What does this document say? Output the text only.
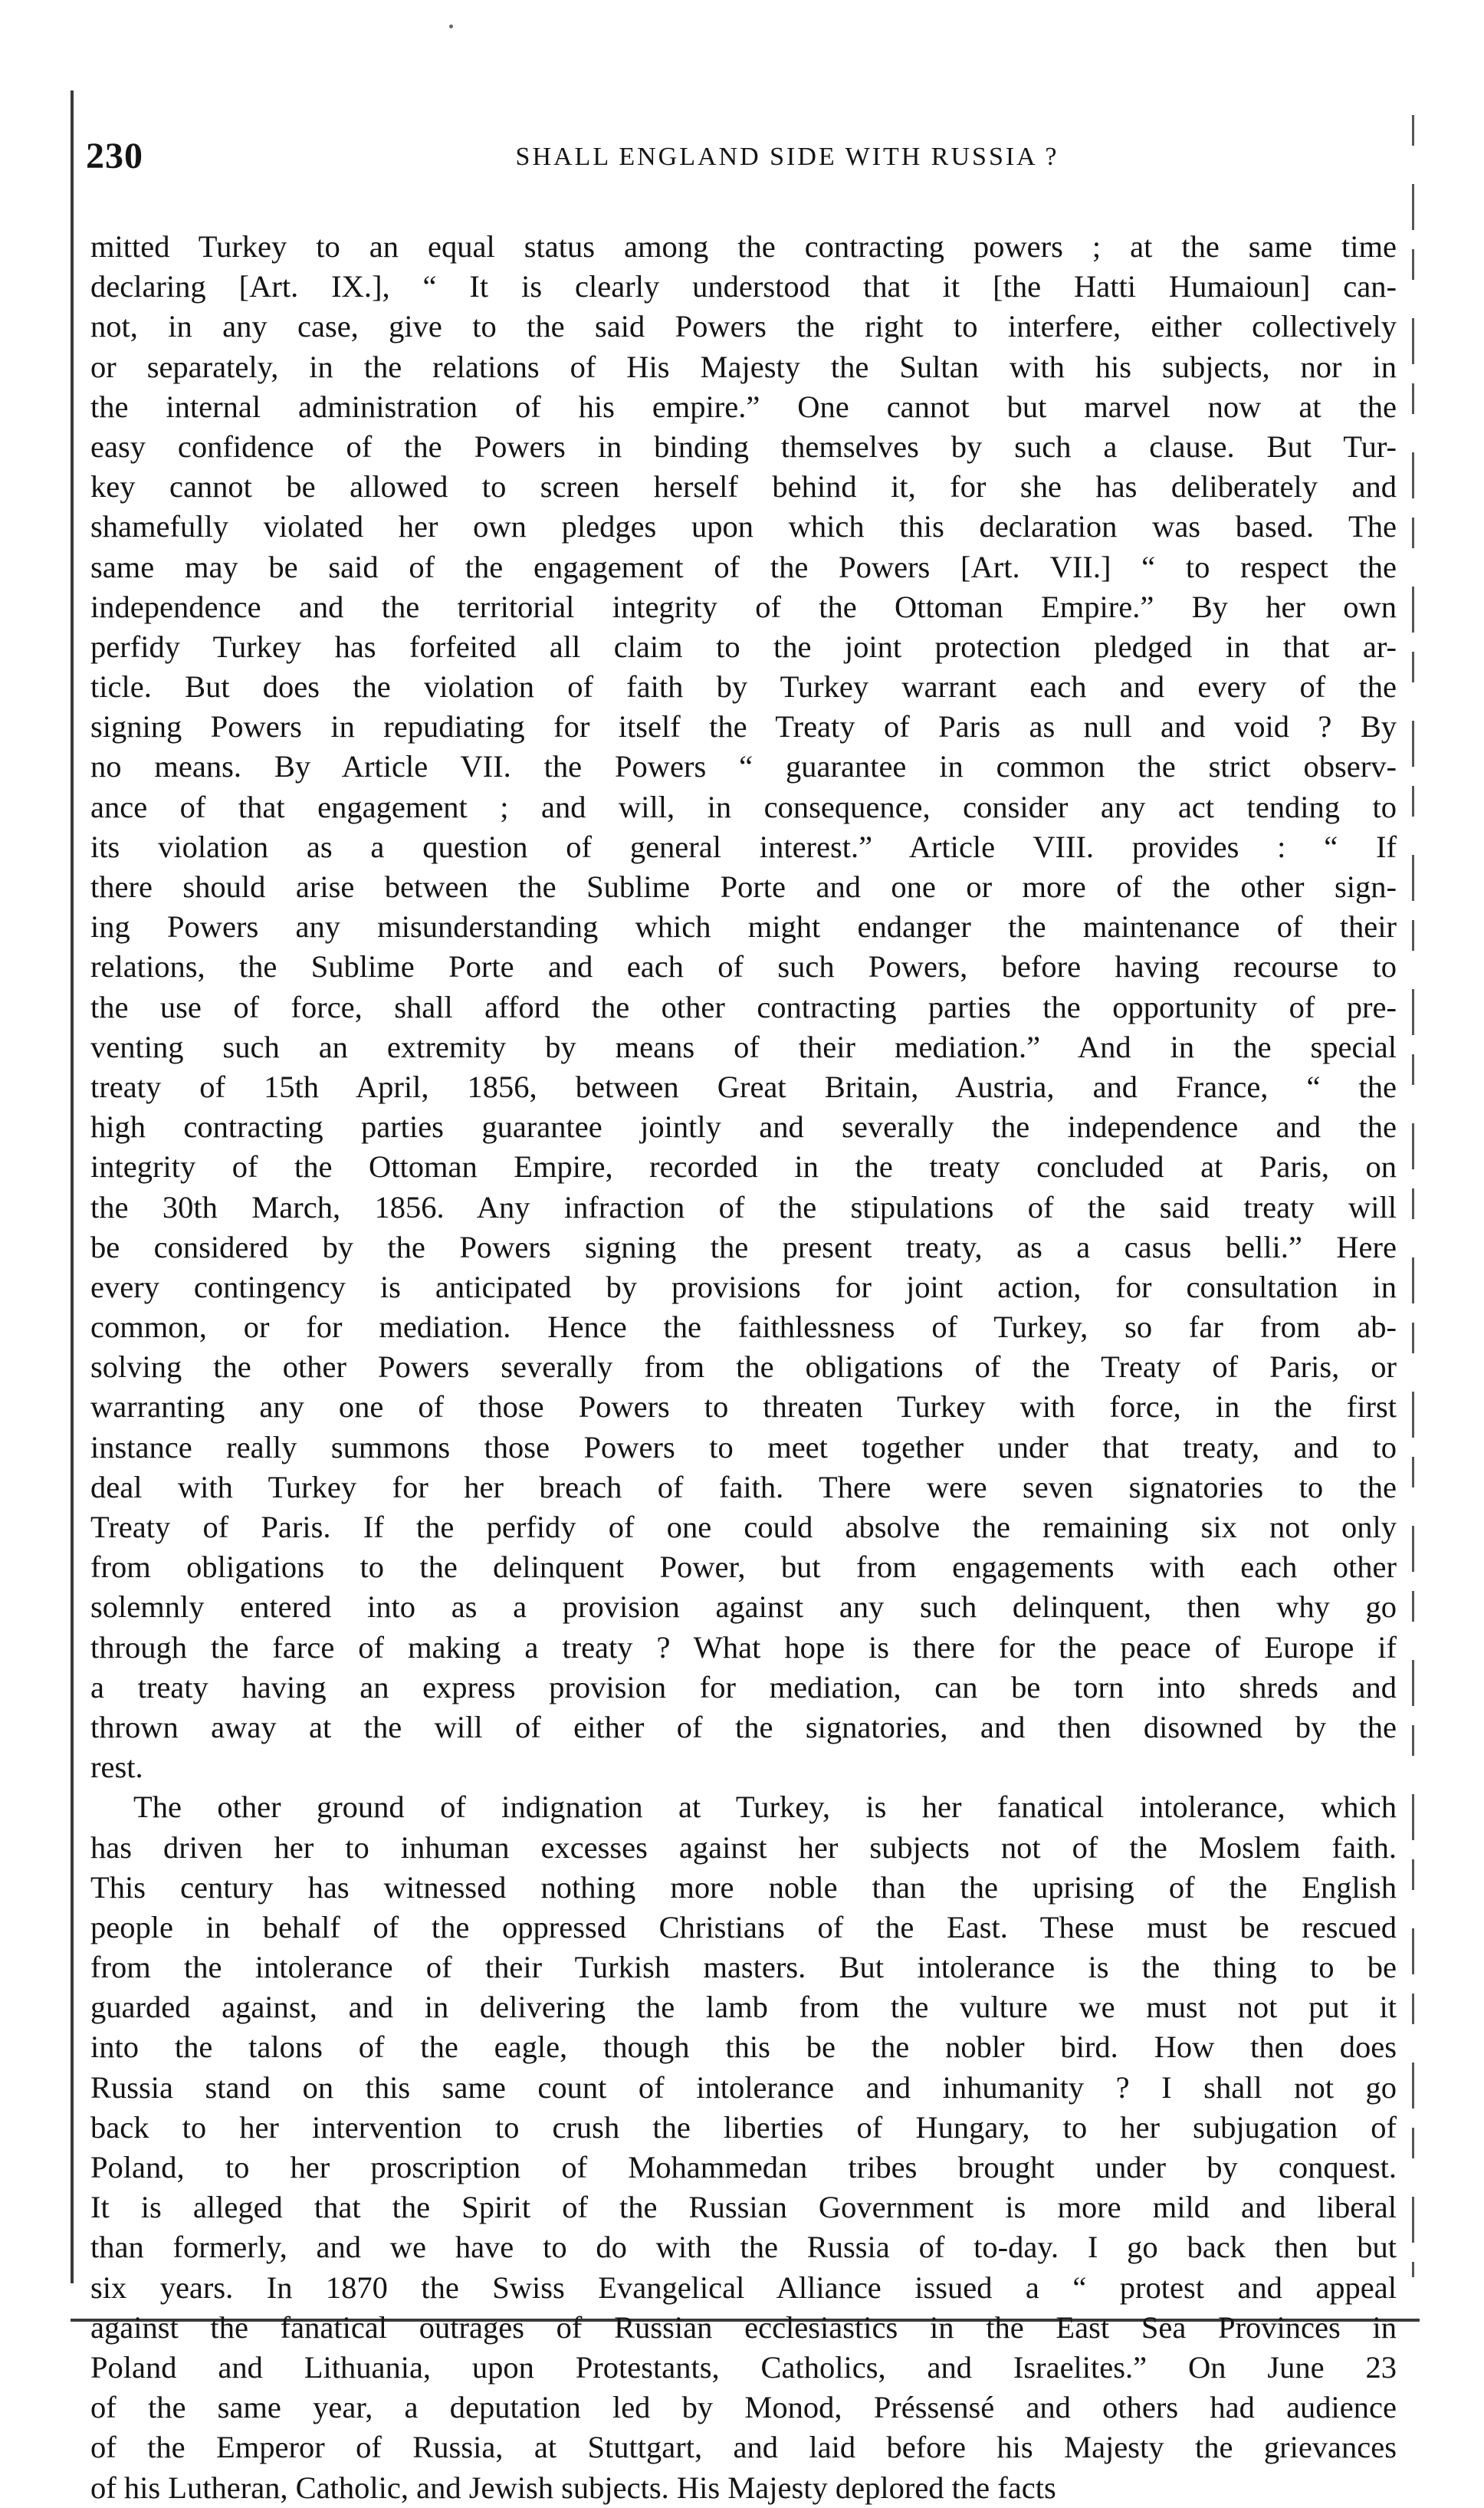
230	SHALL ENGLAND SIDE WITH RUSSIA ?
mitted Turkey to an equal status among the contracting powers ; at the same time
declaring [Art. IX.], “ It is clearly understood that it [the Hatti Humaioun] can-
not, in any case, give to the said Powers the right to interfere, either collectively
or separately, in the relations of His Majesty the Sultan with his subjects, nor in
the internal administration of his empire.” One cannot but marvel now at the
easy confidence of the Powers in binding themselves by such a clause. But Tur-
key cannot be allowed to screen herself behind it, for she has deliberately and
shamefully violated her own pledges upon which this declaration was based. The
same may be said of the engagement of the Powers [Art. VII.] “ to respect the
independence and the territorial integrity of the Ottoman Empire.” By her own
perfidy Turkey has forfeited all claim to the joint protection pledged in that ar-
ticle. But does the violation of faith by Turkey warrant each and every of the
signing Powers in repudiating for itself the Treaty of Paris as null and void ? By
no means. By Article VII. the Powers “ guarantee in common the strict observ-
ance of that engagement ; and will, in consequence, consider any act tending to
its violation as a question of general interest.” Article VIII. provides : “ If
there should arise between the Sublime Porte and one or more of the other sign-
ing Powers any misunderstanding which might endanger the maintenance of their
relations, the Sublime Porte and each of such Powers, before having recourse to
the use of force, shall afford the other contracting parties the opportunity of pre-
venting such an extremity by means of their mediation.” And in the special
treaty of 15th April, 1856, between Great Britain, Austria, and France, “ the
high contracting parties guarantee jointly and severally the independence and the
integrity of the Ottoman Empire, recorded in the treaty concluded at Paris, on
the 30th March, 1856. Any infraction of the stipulations of the said treaty will
be considered by the Powers signing the present treaty, as a casus belli.” Here
every contingency is anticipated by provisions for joint action, for consultation in
common, or for mediation. Hence the faithlessness of Turkey, so far from ab-
solving the other Powers severally from the obligations of the Treaty of Paris, or
warranting any one of those Powers to threaten Turkey with force, in the first
instance really summons those Powers to meet together under that treaty, and to
deal with Turkey for her breach of faith. There were seven signatories to the
Treaty of Paris. If the perfidy of one could absolve the remaining six not only
from obligations to the delinquent Power, but from engagements with each other
solemnly entered into as a provision against any such delinquent, then why go
through the farce of making a treaty ? What hope is there for the peace of Europe if
a treaty having an express provision for mediation, can be torn into shreds and
thrown away at the will of either of the signatories, and then disowned by the
rest.
The other ground of indignation at Turkey, is her fanatical intolerance, which
has driven her to inhuman excesses against her subjects not of the Moslem faith.
This century has witnessed nothing more noble than the uprising of the English
people in behalf of the oppressed Christians of the East. These must be rescued
from the intolerance of their Turkish masters. But intolerance is the thing to be
guarded against, and in delivering the lamb from the vulture we must not put it
into the talons of the eagle, though this be the nobler bird. How then does
Russia stand on this same count of intolerance and inhumanity ? I shall not go
back to her intervention to crush the liberties of Hungary, to her subjugation of
Poland, to her proscription of Mohammedan tribes brought under by conquest.
It is alleged that the Spirit of the Russian Government is more mild and liberal
than formerly, and we have to do with the Russia of to-day. I go back then but
six years. In 1870 the Swiss Evangelical Alliance issued a “ protest and appeal
against the fanatical outrages of Russian ecclesiastics in the East Sea Provinces in
Poland and Lithuania, upon Protestants, Catholics, and Israelites.” On June 23
of the same year, a deputation led by Monod, Préssensé and others had audience
of the Emperor of Russia, at Stuttgart, and laid before his Majesty the grievances
of his Lutheran, Catholic, and Jewish subjects. His Majesty deplored the facts
